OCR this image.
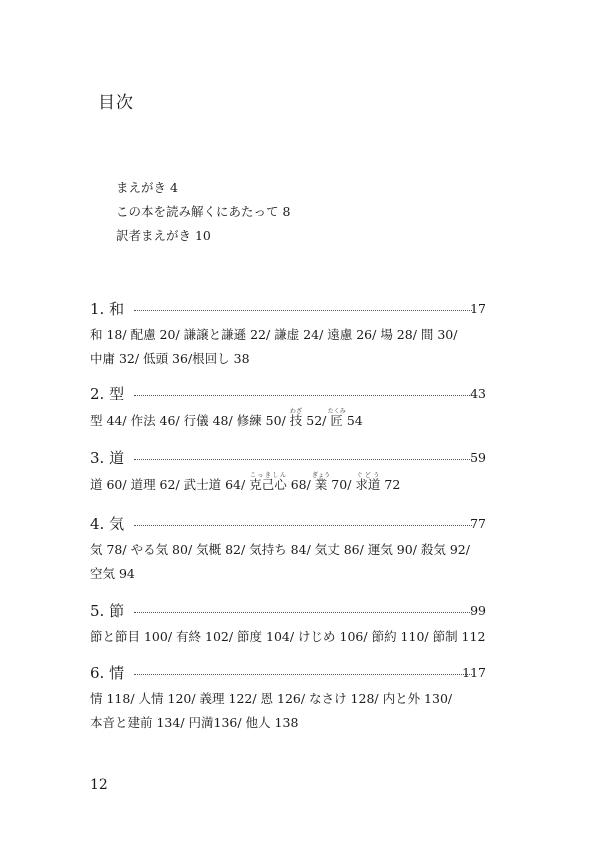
目次
まえがき 4
この本を読み解くにあたって 8
訳者まえがき 10
1. 和	17
和 18/ 配慮 20/ 謙譲と謙遜 22/ 謙虚 24/ 遠慮 26/ 場 28/ 間 30/
中庸 32/ 低頭 36/根回し 38
2. 型	43
型 44/ 作法 46/ 行儀 48/ 修練 50/ 技わざ 52/ 匠たくみ 54
3. 道	59
道 60/ 道理 62/ 武士道 64/ 克己心こっきしん 68/ 業ぎょう 70/ 求道ぐどう 72
4. 気	77
気 78/ やる気 80/ 気概 82/ 気持ち 84/ 気丈 86/ 運気 90/ 殺気 92/
空気 94
5. 節	99
節と節目 100/ 有終 102/ 節度 104/ けじめ 106/ 節約 110/ 節制 112
6. 情	117
情 118/ 人情 120/ 義理 122/ 恩 126/ なさけ 128/ 内と外 130/
本音と建前 134/ 円満136/ 他人 138
12
